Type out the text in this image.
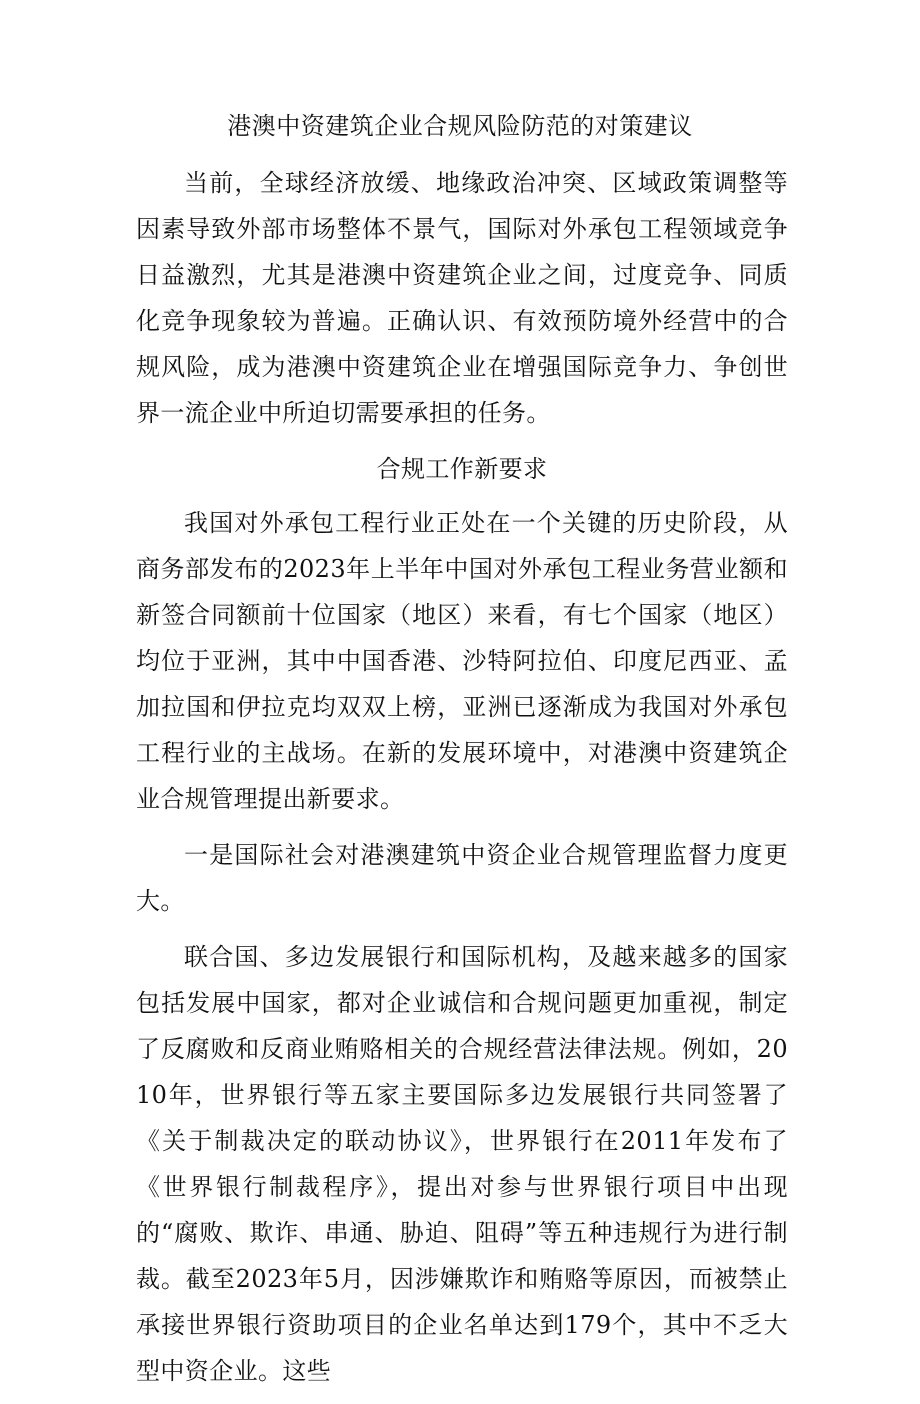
港澳中资建筑企业合规风险防范的对策建议

当前，全球经济放缓、地缘政治冲突、区域政策调整等因素导致外部市场整体不景气，国际对外承包工程领域竞争日益激烈，尤其是港澳中资建筑企业之间，过度竞争、同质化竞争现象较为普遍。正确认识、有效预防境外经营中的合规风险，成为港澳中资建筑企业在增强国际竞争力、争创世界一流企业中所迫切需要承担的任务。

合规工作新要求

我国对外承包工程行业正处在一个关键的历史阶段，从商务部发布的2023年上半年中国对外承包工程业务营业额和新签合同额前十位国家（地区）来看，有七个国家（地区）均位于亚洲，其中中国香港、沙特阿拉伯、印度尼西亚、孟加拉国和伊拉克均双双上榜，亚洲已逐渐成为我国对外承包工程行业的主战场。在新的发展环境中，对港澳中资建筑企业合规管理提出新要求。

一是国际社会对港澳建筑中资企业合规管理监督力度更大。

联合国、多边发展银行和国际机构，及越来越多的国家包括发展中国家，都对企业诚信和合规问题更加重视，制定了反腐败和反商业贿赂相关的合规经营法律法规。例如，2010年，世界银行等五家主要国际多边发展银行共同签署了《关于制裁决定的联动协议》，世界银行在2011年发布了《世界银行制裁程序》，提出对参与世界银行项目中出现的“腐败、欺诈、串通、胁迫、阻碍”等五种违规行为进行制裁。截至2023年5月，因涉嫌欺诈和贿赂等原因，而被禁止承接世界银行资助项目的企业名单达到179个，其中不乏大型中资企业。这些
